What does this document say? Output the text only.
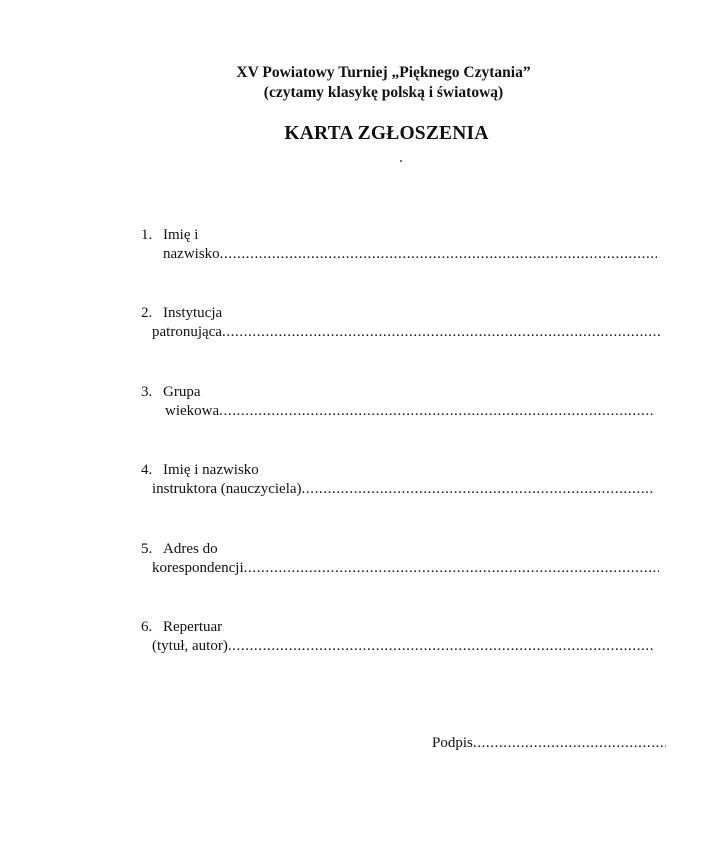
XV Powiatowy Turniej „Pięknego Czytania”
(czytamy klasykę polską i światową)
KARTA ZGŁOSZENIA
1. Imię i
nazwisko
.....
2. Instytucja
patronująca
.....
3. Grupa
wiekowa
.....
4. Imię i nazwisko
instruktora (nauczyciela)
.....
5. Adres do
korespondencji
.....
6. Repertuar
(tytuł, autor)
.....
Podpis
.....
